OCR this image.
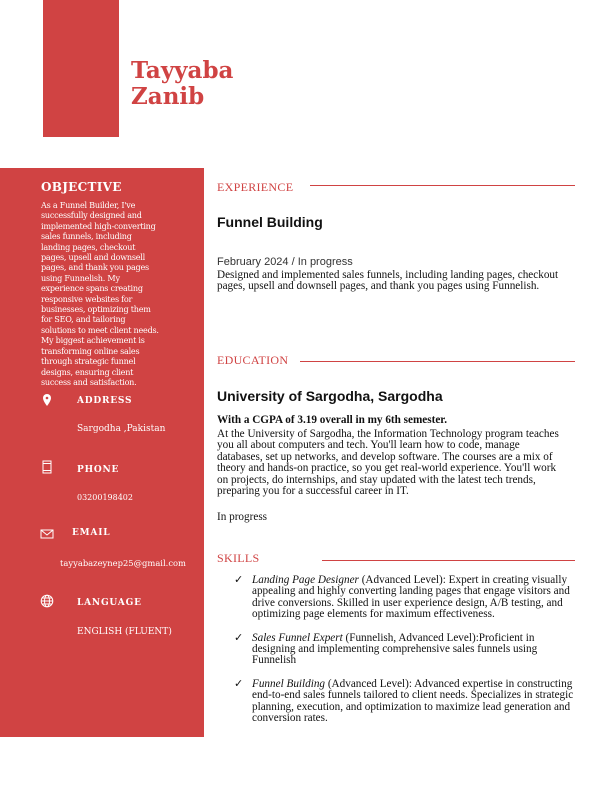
Tayyaba
Zanib
OBJECTIVE
As a Funnel Builder, I've successfully designed and implemented high-converting sales funnels, including landing pages, checkout pages, upsell and downsell pages, and thank you pages using Funnelish. My experience spans creating responsive websites for businesses, optimizing them for SEO, and tailoring solutions to meet client needs. My biggest achievement is transforming online sales through strategic funnel designs, ensuring client success and satisfaction.
ADDRESS
Sargodha ,Pakistan
PHONE
03200198402
EMAIL
tayyabazeynep25@gmail.com
LANGUAGE
ENGLISH (FLUENT)
EXPERIENCE
Funnel Building
February 2024 / In progress
Designed and implemented sales funnels, including landing pages, checkout pages, upsell and downsell pages, and thank you pages using Funnelish.
EDUCATION
University of Sargodha, Sargodha
With a CGPA of 3.19 overall in my 6th semester.
At the University of Sargodha, the Information Technology program teaches you all about computers and tech. You'll learn how to code, manage databases, set up networks, and develop software. The courses are a mix of theory and hands-on practice, so you get real-world experience. You'll work on projects, do internships, and stay updated with the latest tech trends, preparing you for a successful career in IT.
In progress
SKILLS
✓ Landing Page Designer (Advanced Level): Expert in creating visually appealing and highly converting landing pages that engage visitors and drive conversions. Skilled in user experience design, A/B testing, and optimizing page elements for maximum effectiveness.
✓ Sales Funnel Expert (Funnelish, Advanced Level):Proficient in designing and implementing comprehensive sales funnels using Funnelish
✓ Funnel Building (Advanced Level): Advanced expertise in constructing end-to-end sales funnels tailored to client needs. Specializes in strategic planning, execution, and optimization to maximize lead generation and conversion rates.
